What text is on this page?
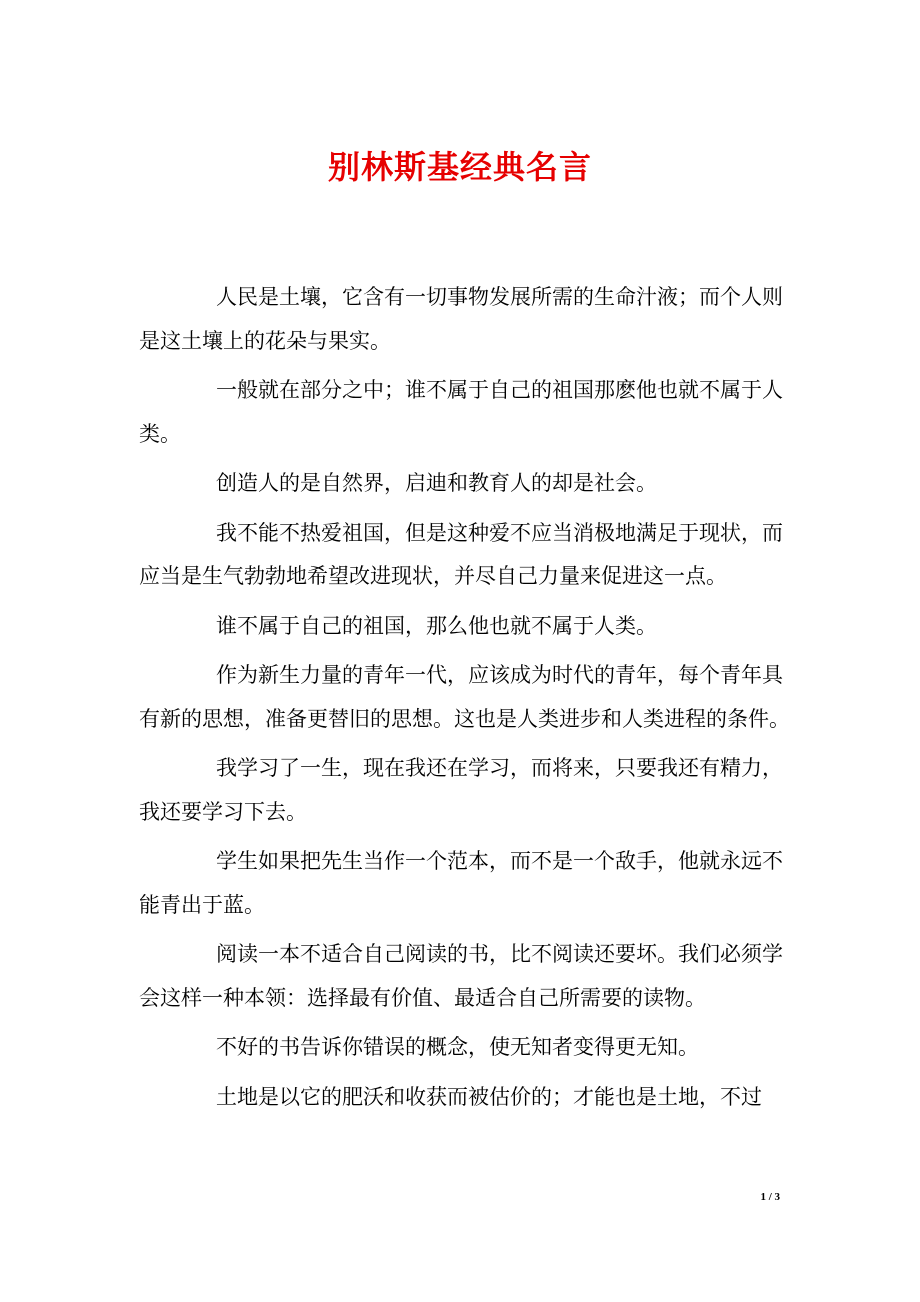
别林斯基经典名言

人民是土壤，它含有一切事物发展所需的生命汁液；而个人则是这土壤上的花朵与果实。

一般就在部分之中；谁不属于自己的祖国那麽他也就不属于人类。

创造人的是自然界，启迪和教育人的却是社会。

我不能不热爱祖国，但是这种爱不应当消极地满足于现状，而应当是生气勃勃地希望改进现状，并尽自己力量来促进这一点。

谁不属于自己的祖国，那么他也就不属于人类。

作为新生力量的青年一代，应该成为时代的青年，每个青年具有新的思想，准备更替旧的思想。这也是人类进步和人类进程的条件。

我学习了一生，现在我还在学习，而将来，只要我还有精力，我还要学习下去。

学生如果把先生当作一个范本，而不是一个敌手，他就永远不能青出于蓝。

阅读一本不适合自己阅读的书，比不阅读还要坏。我们必须学会这样一种本领：选择最有价值、最适合自己所需要的读物。

不好的书告诉你错误的概念，使无知者变得更无知。

土地是以它的肥沃和收获而被估价的；才能也是土地，不过

1 / 3
